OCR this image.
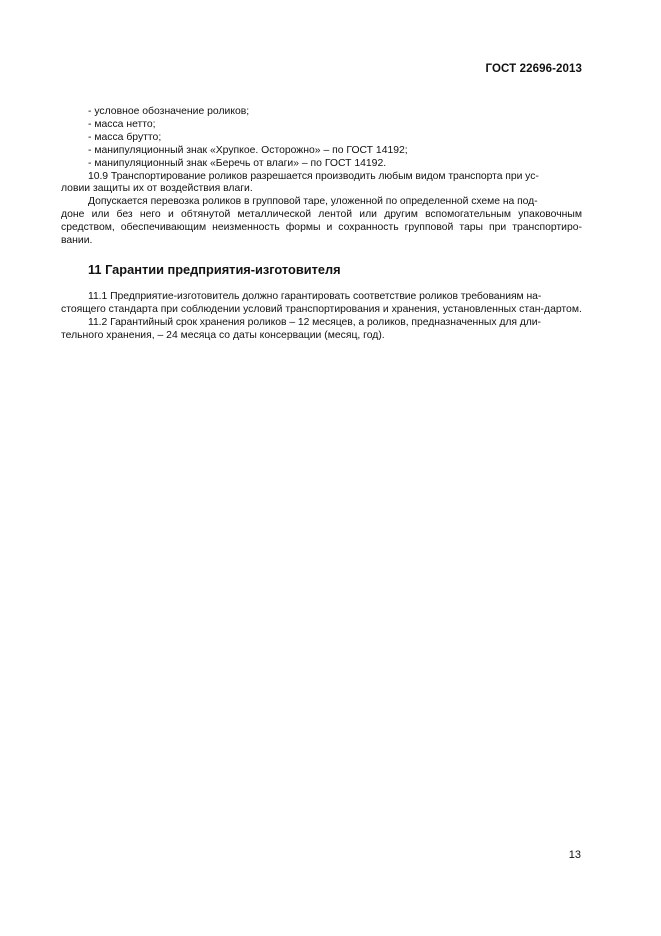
ГОСТ 22696-2013
- условное обозначение роликов;
- масса нетто;
- масса брутто;
- манипуляционный знак «Хрупкое. Осторожно» – по ГОСТ 14192;
- манипуляционный знак «Беречь от влаги» – по ГОСТ 14192.
10.9 Транспортирование роликов разрешается производить любым видом транспорта при ус-
ловии защиты их от воздействия влаги.
Допускается перевозка роликов в групповой таре, уложенной по определенной схеме на под-
доне или без него и обтянутой металлической лентой или другим вспомогательным упаковочным средством, обеспечивающим неизменность формы и сохранность групповой тары при транспортиро-вании.
11 Гарантии предприятия-изготовителя
11.1 Предприятие-изготовитель должно гарантировать соответствие роликов требованиям на-
стоящего стандарта при соблюдении условий транспортирования и хранения, установленных стан-дартом.
11.2 Гарантийный срок хранения роликов – 12 месяцев, а роликов, предназначенных для дли-
тельного хранения, – 24 месяца со даты консервации (месяц, год).
13
